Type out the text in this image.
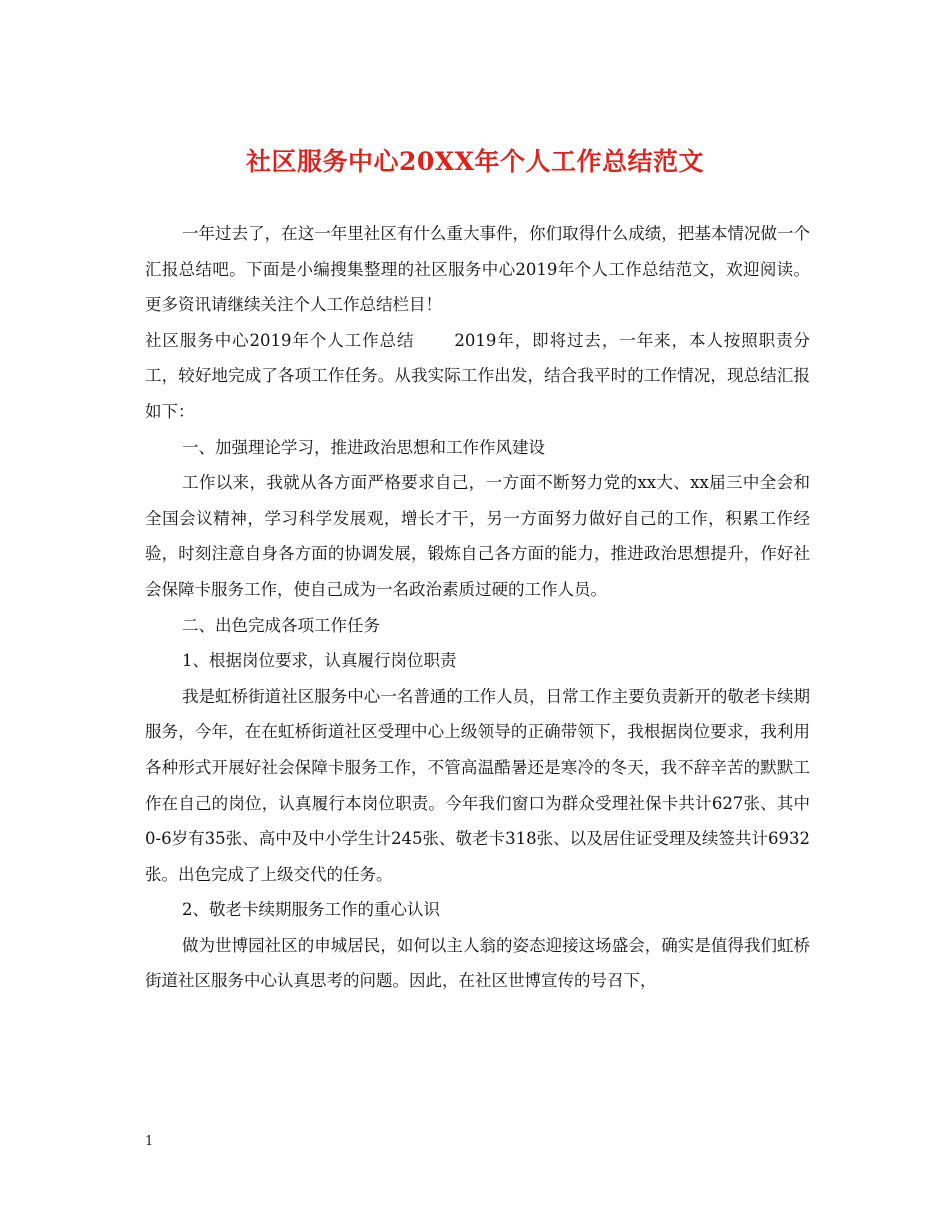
社区服务中心20XX年个人工作总结范文

一年过去了，在这一年里社区有什么重大事件，你们取得什么成绩，把基本情况做一个汇报总结吧。下面是小编搜集整理的社区服务中心2019年个人工作总结范文，欢迎阅读。更多资讯请继续关注个人工作总结栏目！

社区服务中心2019年个人工作总结 2019年，即将过去，一年来，本人按照职责分工，较好地完成了各项工作任务。从我实际工作出发，结合我平时的工作情况，现总结汇报如下：

一、加强理论学习，推进政治思想和工作作风建设

工作以来，我就从各方面严格要求自己，一方面不断努力党的xx大、xx届三中全会和全国会议精神，学习科学发展观，增长才干，另一方面努力做好自己的工作，积累工作经验，时刻注意自身各方面的协调发展，锻炼自己各方面的能力，推进政治思想提升，作好社会保障卡服务工作，使自己成为一名政治素质过硬的工作人员。

二、出色完成各项工作任务

1、根据岗位要求，认真履行岗位职责

我是虹桥街道社区服务中心一名普通的工作人员，日常工作主要负责新开的敬老卡续期服务，今年，在在虹桥街道社区受理中心上级领导的正确带领下，我根据岗位要求，我利用各种形式开展好社会保障卡服务工作，不管高温酷暑还是寒冷的冬天，我不辞辛苦的默默工作在自己的岗位，认真履行本岗位职责。今年我们窗口为群众受理社保卡共计627张、其中0-6岁有35张、高中及中小学生计245张、敬老卡318张、以及居住证受理及续签共计6932张。出色完成了上级交代的任务。

2、敬老卡续期服务工作的重心认识

做为世博园社区的申城居民，如何以主人翁的姿态迎接这场盛会，确实是值得我们虹桥街道社区服务中心认真思考的问题。因此，在社区世博宣传的号召下，

1
